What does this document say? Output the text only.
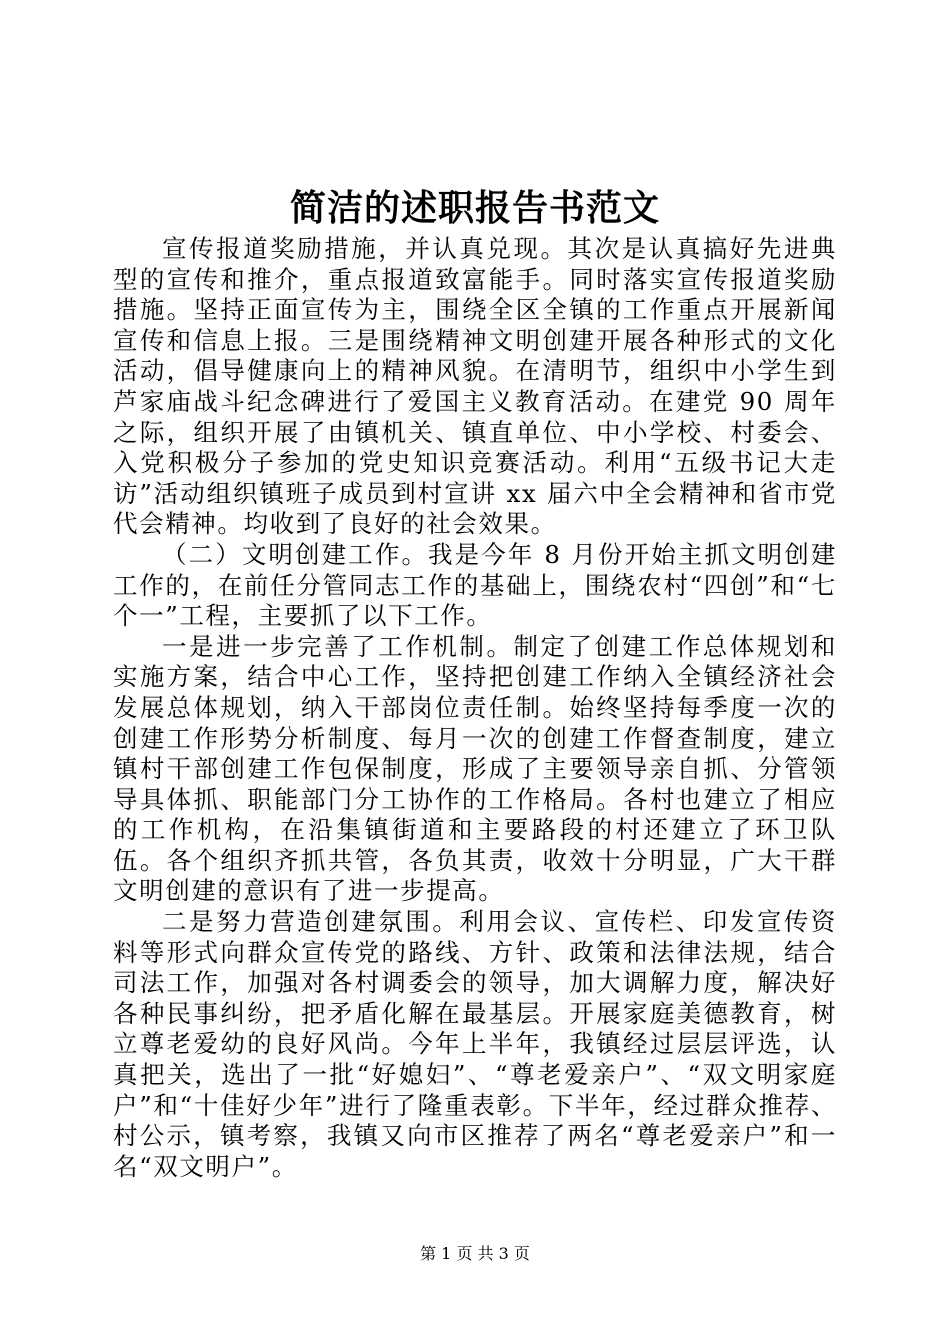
简洁的述职报告书范文

宣传报道奖励措施，并认真兑现。其次是认真搞好先进典型的宣传和推介，重点报道致富能手。同时落实宣传报道奖励措施。坚持正面宣传为主，围绕全区全镇的工作重点开展新闻宣传和信息上报。三是围绕精神文明创建开展各种形式的文化活动，倡导健康向上的精神风貌。在清明节，组织中小学生到芦家庙战斗纪念碑进行了爱国主义教育活动。在建党 90 周年之际，组织开展了由镇机关、镇直单位、中小学校、村委会、入党积极分子参加的党史知识竞赛活动。利用“五级书记大走访”活动组织镇班子成员到村宣讲 xx 届六中全会精神和省市党代会精神。均收到了良好的社会效果。

（二）文明创建工作。我是今年 8 月份开始主抓文明创建工作的，在前任分管同志工作的基础上，围绕农村“四创”和“七个一”工程，主要抓了以下工作。

一是进一步完善了工作机制。制定了创建工作总体规划和实施方案，结合中心工作，坚持把创建工作纳入全镇经济社会发展总体规划，纳入干部岗位责任制。始终坚持每季度一次的创建工作形势分析制度、每月一次的创建工作督查制度，建立镇村干部创建工作包保制度，形成了主要领导亲自抓、分管领导具体抓、职能部门分工协作的工作格局。各村也建立了相应的工作机构，在沿集镇街道和主要路段的村还建立了环卫队伍。各个组织齐抓共管，各负其责，收效十分明显，广大干群文明创建的意识有了进一步提高。

二是努力营造创建氛围。利用会议、宣传栏、印发宣传资料等形式向群众宣传党的路线、方针、政策和法律法规，结合司法工作，加强对各村调委会的领导，加大调解力度，解决好各种民事纠纷，把矛盾化解在最基层。开展家庭美德教育，树立尊老爱幼的良好风尚。今年上半年，我镇经过层层评选，认真把关，选出了一批“好媳妇”、“尊老爱亲户”、“双文明家庭户”和“十佳好少年”进行了隆重表彰。下半年，经过群众推荐、村公示，镇考察，我镇又向市区推荐了两名“尊老爱亲户”和一名“双文明户”。

第 1 页 共 3 页
